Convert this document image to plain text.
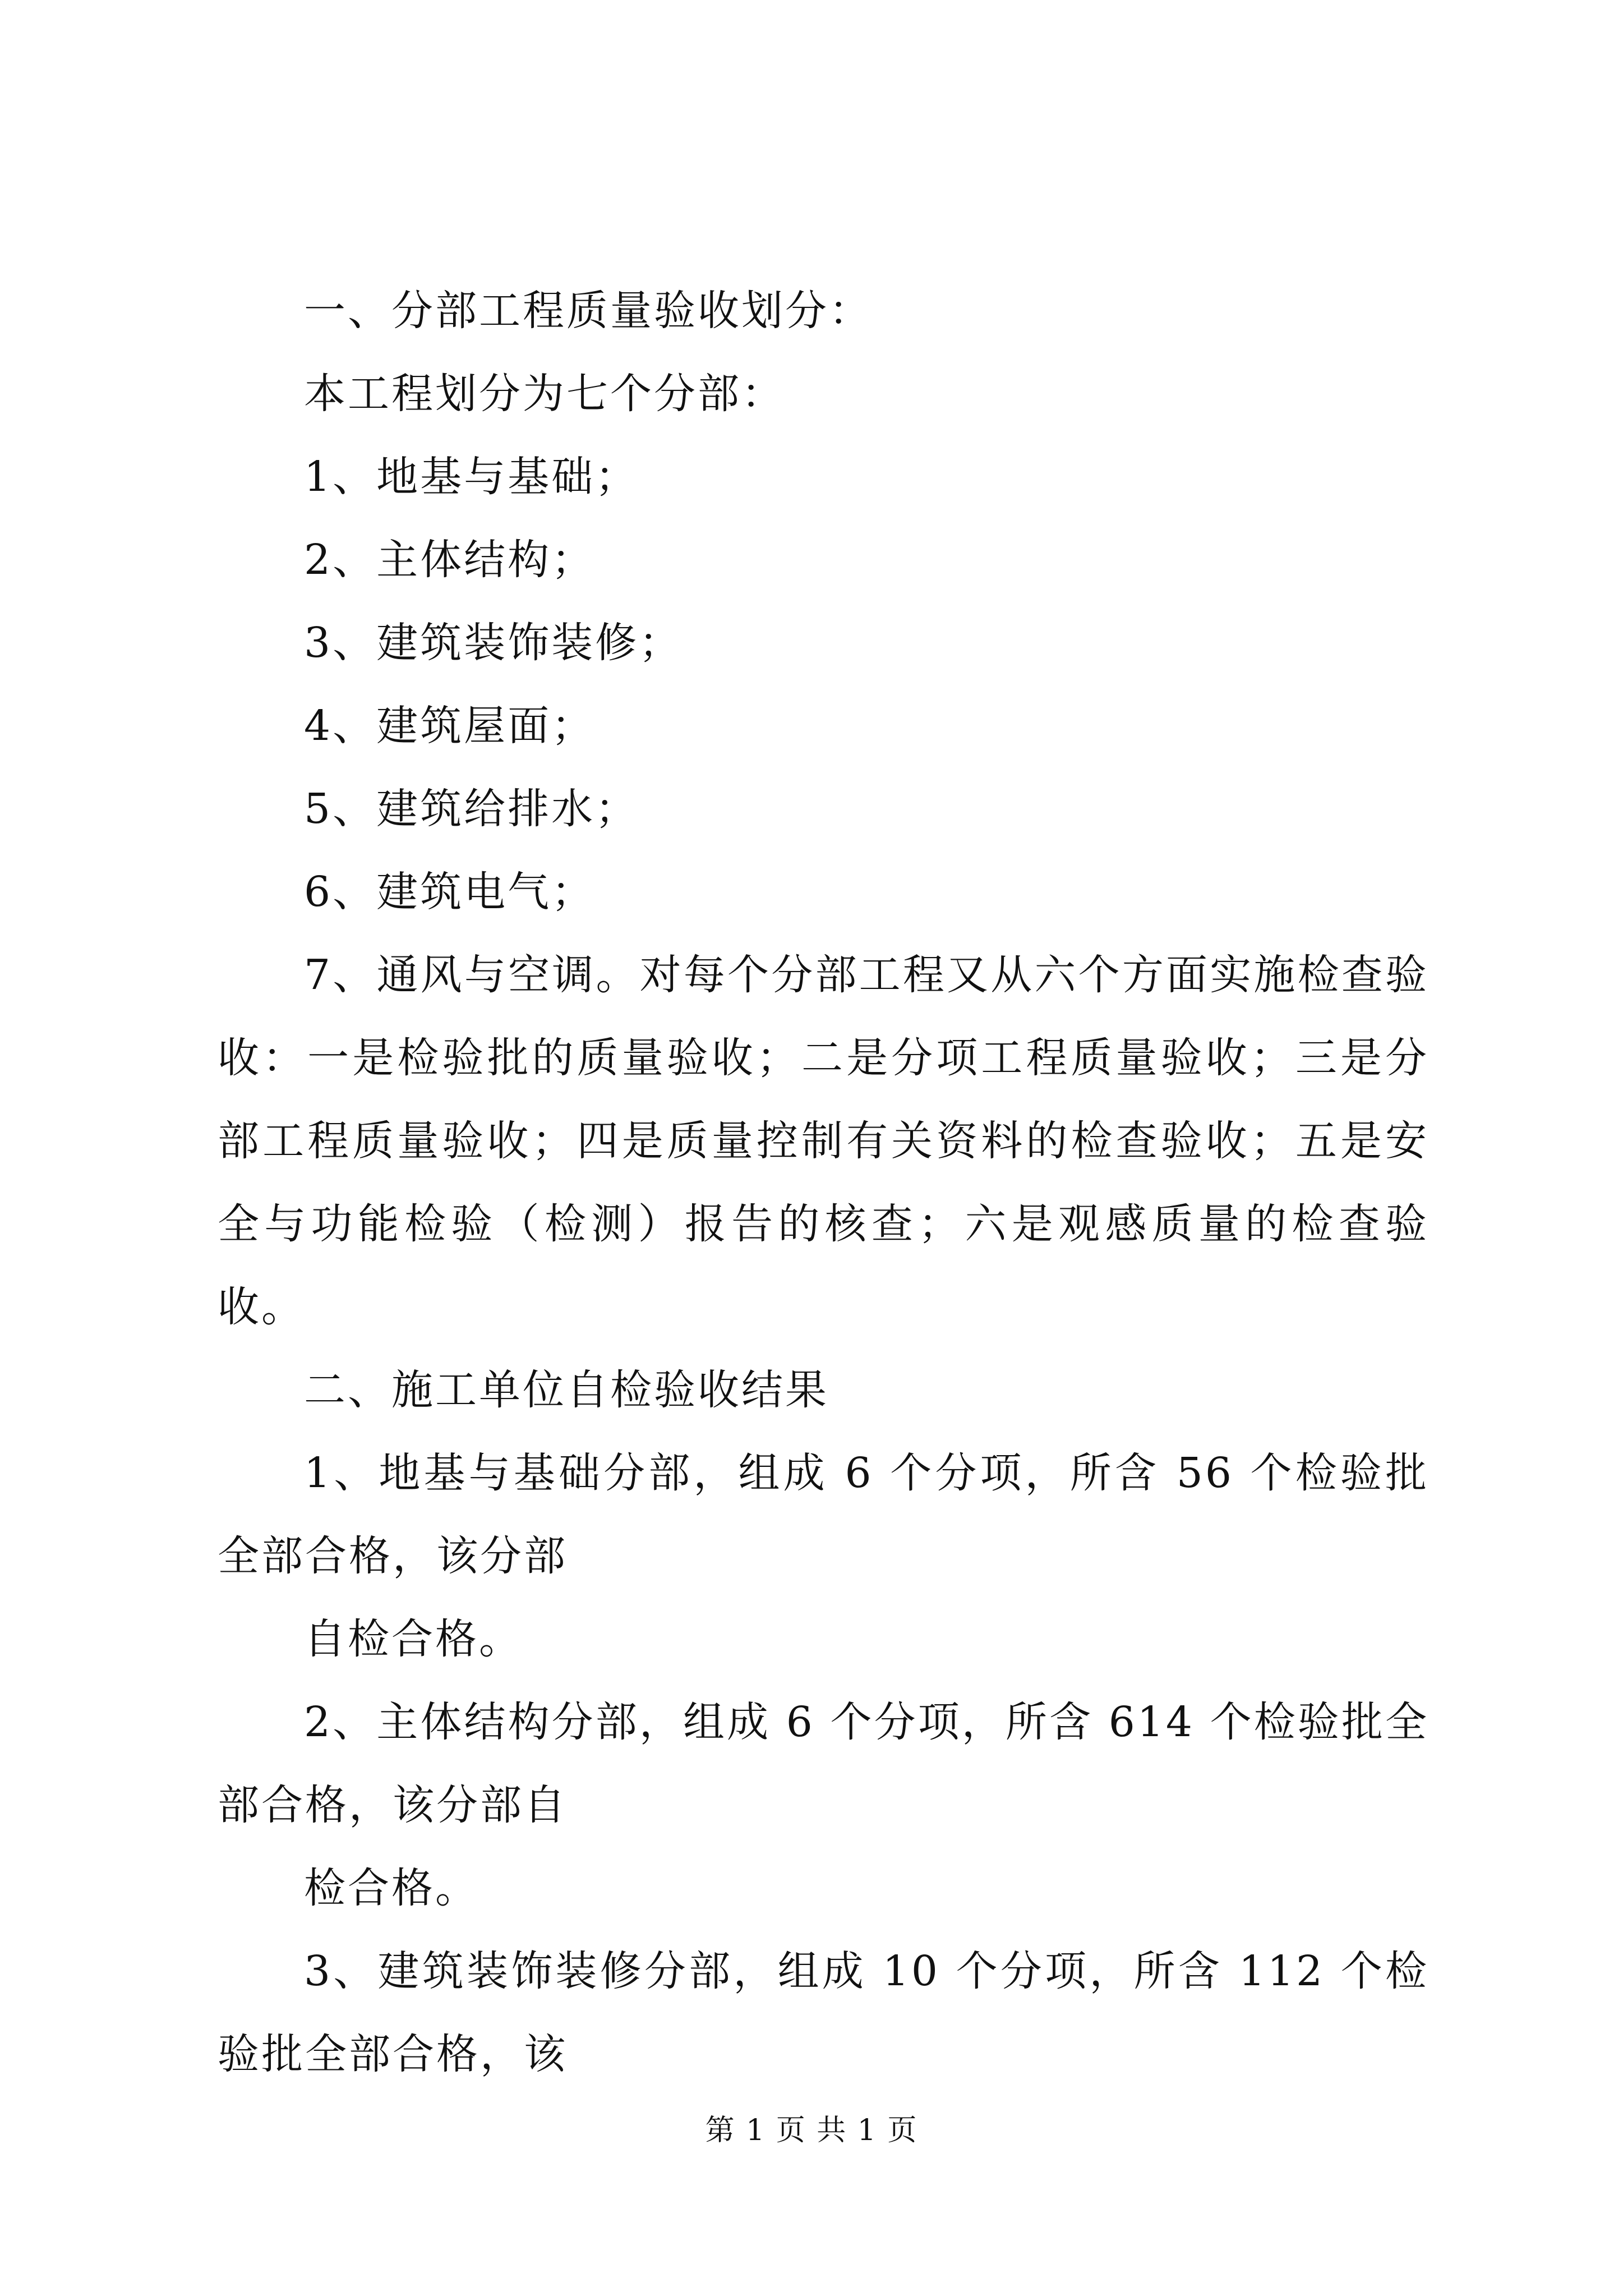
一、分部工程质量验收划分：

本工程划分为七个分部：

1、地基与基础；

2、主体结构；

3、建筑装饰装修；

4、建筑屋面；

5、建筑给排水；

6、建筑电气；

7、通风与空调。对每个分部工程又从六个方面实施检查验收：一是检验批的质量验收；二是分项工程质量验收；三是分部工程质量验收；四是质量控制有关资料的检查验收；五是安全与功能检验（检测）报告的核查；六是观感质量的检查验收。

二、施工单位自检验收结果

1、地基与基础分部，组成 6 个分项，所含 56 个检验批全部合格，该分部

自检合格。

2、主体结构分部，组成 6 个分项，所含 614 个检验批全部合格，该分部自

检合格。

3、建筑装饰装修分部，组成 10 个分项，所含 112 个检验批全部合格，该

第 1 页 共 1 页
